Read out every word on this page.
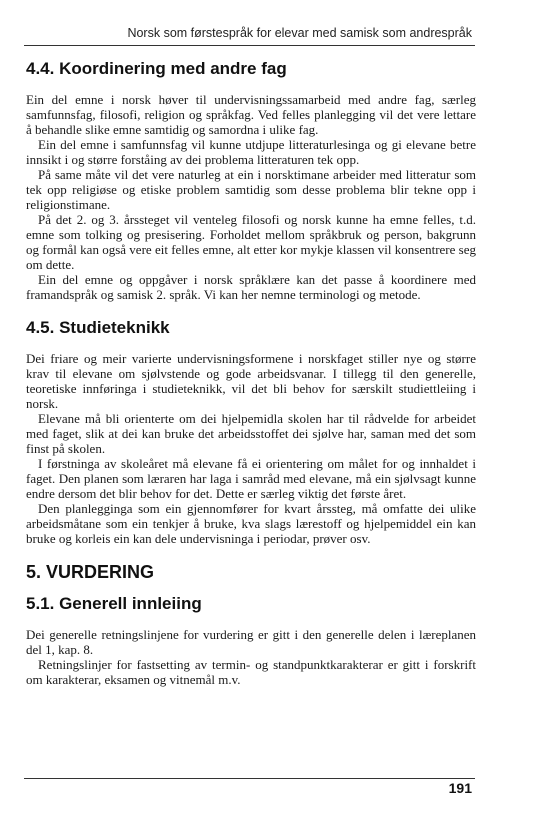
Norsk som førstespråk for elevar med samisk som andrespråk
4.4. Koordinering med andre fag

Ein del emne i norsk høver til undervisningssamarbeid med andre fag, særleg samfunnsfag, filosofi, religion og språkfag. Ved felles planlegging vil det vere lettare å behandle slike emne samtidig og samordna i ulike fag.

Ein del emne i samfunnsfag vil kunne utdjupe litteraturlesinga og gi elevane betre innsikt i og større forståing av dei problema litteraturen tek opp.

På same måte vil det vere naturleg at ein i norsktimane arbeider med litteratur som tek opp religiøse og etiske problem samtidig som desse problema blir tekne opp i religionstimane.

På det 2. og 3. årssteget vil venteleg filosofi og norsk kunne ha emne felles, t.d. emne som tolking og presisering. Forholdet mellom språkbruk og person, bakgrunn og formål kan også vere eit felles emne, alt etter kor mykje klassen vil konsentrere seg om dette.

Ein del emne og oppgåver i norsk språklære kan det passe å koordinere med framandspråk og samisk 2. språk. Vi kan her nemne terminologi og metode.

4.5. Studieteknikk

Dei friare og meir varierte undervisningsformene i norskfaget stiller nye og større krav til elevane om sjølvstendе og gode arbeidsvanar. I tillegg til den generelle, teoretiske innføringa i studieteknikk, vil det bli behov for særskilt studiettleiing i norsk.

Elevane må bli orienterte om dei hjelpemidla skolen har til rådvelde for arbeidet med faget, slik at dei kan bruke det arbeidsstoffet dei sjølve har, saman med det som finst på skolen.

I førstninga av skoleåret må elevane få ei orientering om målet for og innhaldet i faget. Den planen som læraren har laga i samråd med elevane, må ein sjølvsagt kunne endre dersom det blir behov for det. Dette er særleg viktig det første året.

Den planlegginga som ein gjennomfører for kvart årssteg, må omfatte dei ulike arbeidsmåtane som ein tenkjer å bruke, kva slags lærestoff og hjelpemiddel ein kan bruke og korleis ein kan dele undervisninga i periodar, prøver osv.

5. VURDERING
5.1. Generell innleiing

Dei generelle retningslinjene for vurdering er gitt i den generelle delen i læreplanen del 1, kap. 8.

Retningslinjer for fastsetting av termin- og standpunktkarakterar er gitt i forskrift om karakterar, eksamen og vitnemål m.v.

191
